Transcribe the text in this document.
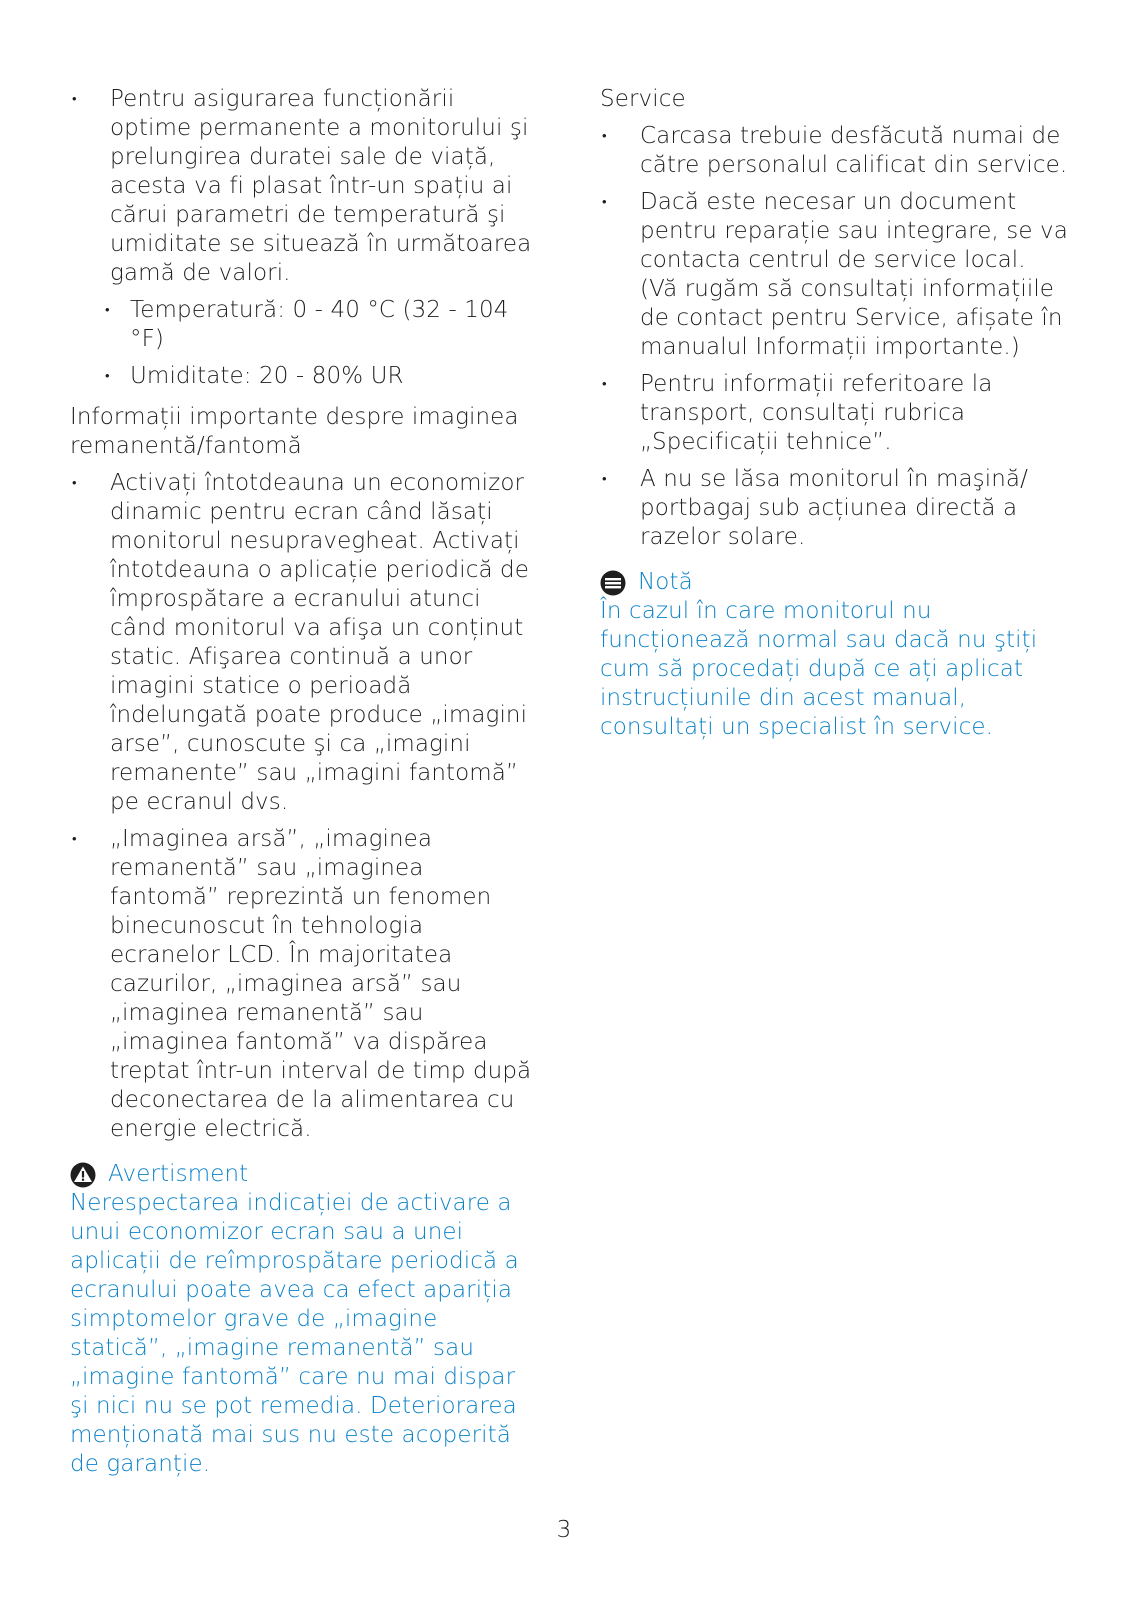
• Pentru asigurarea funcționării optime permanente a monitorului şi prelungirea duratei sale de viață, acesta va fi plasat într-un spațiu ai cărui parametri de temperatură şi umiditate se situează în următoarea gamă de valori.
• Temperatură: 0 - 40 °C (32 - 104 °F)
• Umiditate: 20 - 80% UR
Informații importante despre imaginea remanentă/fantomă
• Activați întotdeauna un economizor dinamic pentru ecran când lăsați monitorul nesupravegheat. Activați întotdeauna o aplicație periodică de împrospătare a ecranului atunci când monitorul va afişa un conținut static. Afişarea continuă a unor imagini statice o perioadă îndelungată poate produce „imagini arse”, cunoscute şi ca „imagini remanente” sau „imagini fantomă” pe ecranul dvs.
• „Imaginea arsă”, „imaginea remanentă” sau „imaginea fantomă” reprezintă un fenomen binecunoscut în tehnologia ecranelor LCD. În majoritatea cazurilor, „imaginea arsă” sau „imaginea remanentă” sau „imaginea fantomă” va dispărea treptat într-un interval de timp după deconectarea de la alimentarea cu energie electrică.
Avertisment
Nerespectarea indicației de activare a unui economizor ecran sau a unei aplicații de reîmprospătare periodică a ecranului poate avea ca efect apariția simptomelor grave de „imagine statică”, „imagine remanentă” sau „imagine fantomă” care nu mai dispar şi nici nu se pot remedia. Deteriorarea menționată mai sus nu este acoperită de garanție.
Service
• Carcasa trebuie desfăcută numai de către personalul calificat din service.
• Dacă este necesar un document pentru reparație sau integrare, se va contacta centrul de service local. (Vă rugăm să consultați informațiile de contact pentru Service, afișate în manualul Informații importante.)
• Pentru informații referitoare la transport, consultați rubrica „Specificații tehnice”.
• A nu se lăsa monitorul în maşină/ portbagaj sub acțiunea directă a razelor solare.
Notă
În cazul în care monitorul nu funcționează normal sau dacă nu ştiți cum să procedați după ce ați aplicat instrucțiunile din acest manual, consultați un specialist în service.
3
